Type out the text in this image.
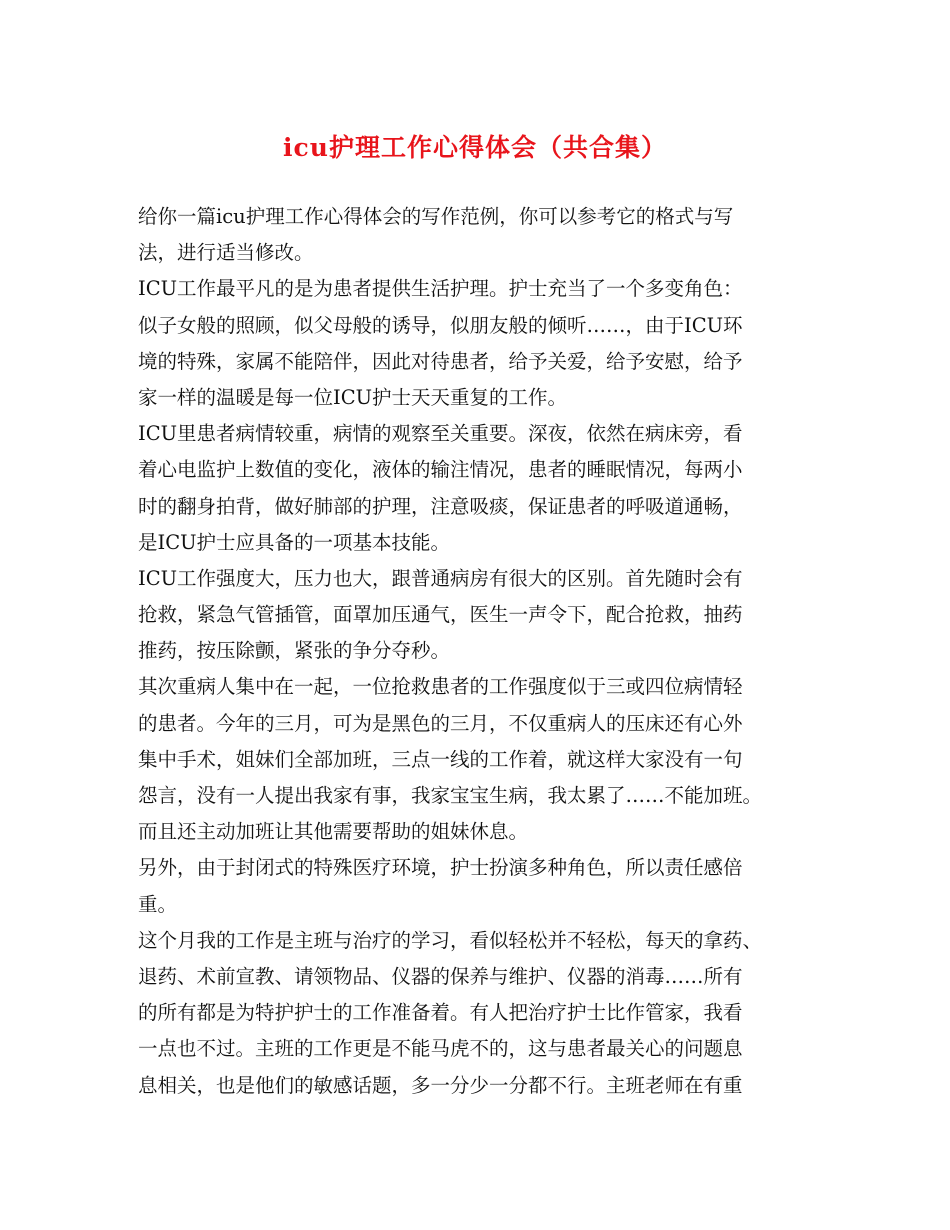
icu护理工作心得体会（共合集）
给你一篇icu护理工作心得体会的写作范例，你可以参考它的格式与写
法，进行适当修改。
ICU工作最平凡的是为患者提供生活护理。护士充当了一个多变角色：
似子女般的照顾，似父母般的诱导，似朋友般的倾听……，由于ICU环
境的特殊，家属不能陪伴，因此对待患者，给予关爱，给予安慰，给予
家一样的温暖是每一位ICU护士天天重复的工作。
ICU里患者病情较重，病情的观察至关重要。深夜，依然在病床旁，看
着心电监护上数值的变化，液体的输注情况，患者的睡眠情况，每两小
时的翻身拍背，做好肺部的护理，注意吸痰，保证患者的呼吸道通畅，
是ICU护士应具备的一项基本技能。
ICU工作强度大，压力也大，跟普通病房有很大的区别。首先随时会有
抢救，紧急气管插管，面罩加压通气，医生一声令下，配合抢救，抽药
推药，按压除颤，紧张的争分夺秒。
其次重病人集中在一起，一位抢救患者的工作强度似于三或四位病情轻
的患者。今年的三月，可为是黑色的三月，不仅重病人的压床还有心外
集中手术，姐妹们全部加班，三点一线的工作着，就这样大家没有一句
怨言，没有一人提出我家有事，我家宝宝生病，我太累了……不能加班。
而且还主动加班让其他需要帮助的姐妹休息。
另外，由于封闭式的特殊医疗环境，护士扮演多种角色，所以责任感倍
重。
这个月我的工作是主班与治疗的学习，看似轻松并不轻松，每天的拿药、
退药、术前宣教、请领物品、仪器的保养与维护、仪器的消毒……所有
的所有都是为特护护士的工作准备着。有人把治疗护士比作管家，我看
一点也不过。主班的工作更是不能马虎不的，这与患者最关心的问题息
息相关，也是他们的敏感话题，多一分少一分都不行。主班老师在有重
